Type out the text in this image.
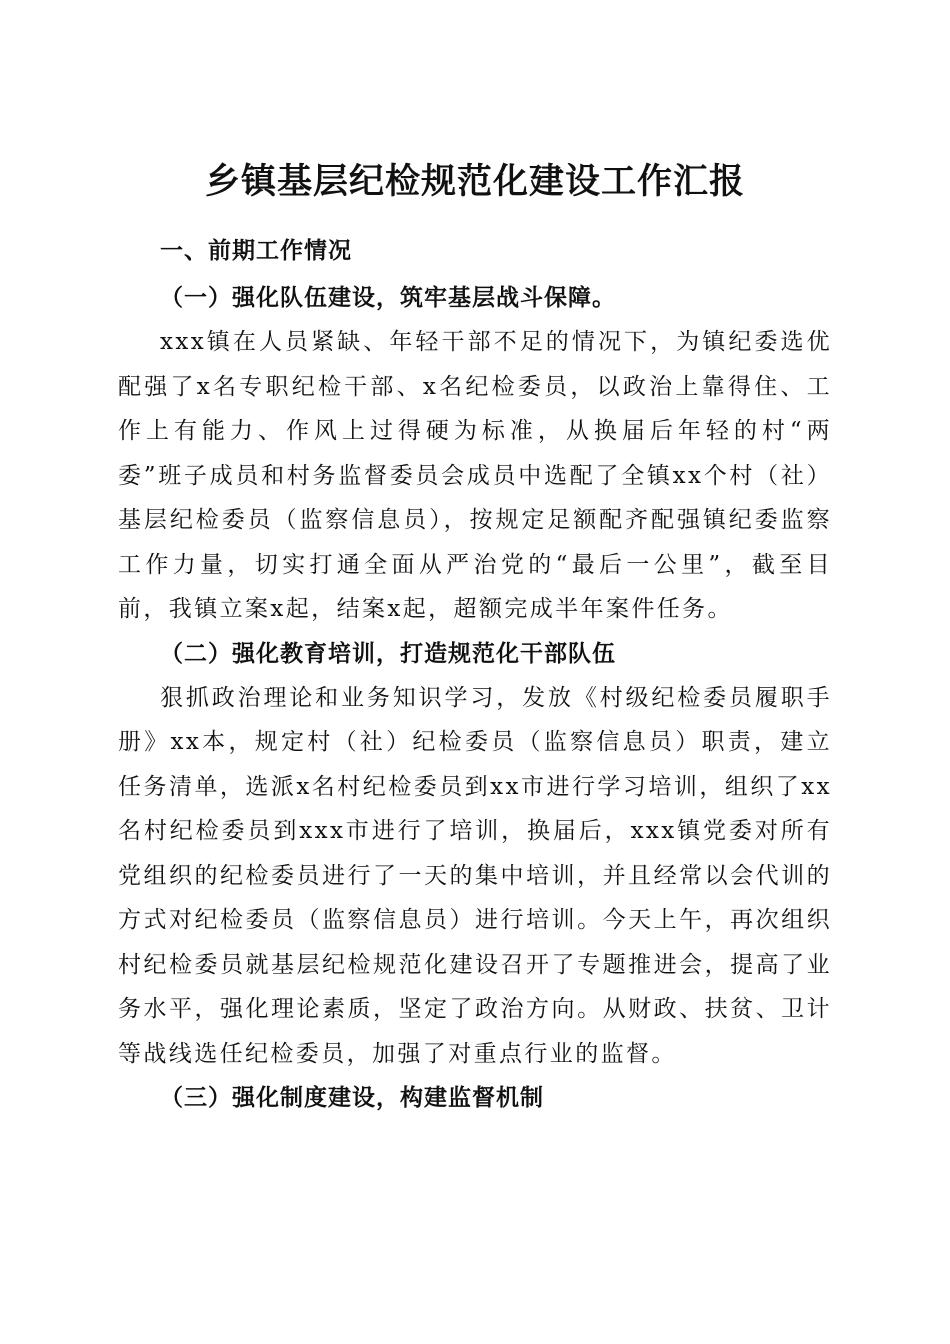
乡镇基层纪检规范化建设工作汇报

一、前期工作情况

（一）强化队伍建设，筑牢基层战斗保障。

xxx镇在人员紧缺、年轻干部不足的情况下，为镇纪委选优配强了x名专职纪检干部、x名纪检委员，以政治上靠得住、工作上有能力、作风上过得硬为标准，从换届后年轻的村“两委”班子成员和村务监督委员会成员中选配了全镇xx个村（社）基层纪检委员（监察信息员），按规定足额配齐配强镇纪委监察工作力量，切实打通全面从严治党的“最后一公里”，截至目前，我镇立案x起，结案x起，超额完成半年案件任务。

（二）强化教育培训，打造规范化干部队伍

狠抓政治理论和业务知识学习，发放《村级纪检委员履职手册》xx本，规定村（社）纪检委员（监察信息员）职责，建立任务清单，选派x名村纪检委员到xx市进行学习培训，组织了xx名村纪检委员到xxx市进行了培训，换届后，xxx镇党委对所有党组织的纪检委员进行了一天的集中培训，并且经常以会代训的方式对纪检委员（监察信息员）进行培训。今天上午，再次组织村纪检委员就基层纪检规范化建设召开了专题推进会，提高了业务水平，强化理论素质，坚定了政治方向。从财政、扶贫、卫计等战线选任纪检委员，加强了对重点行业的监督。

（三）强化制度建设，构建监督机制
